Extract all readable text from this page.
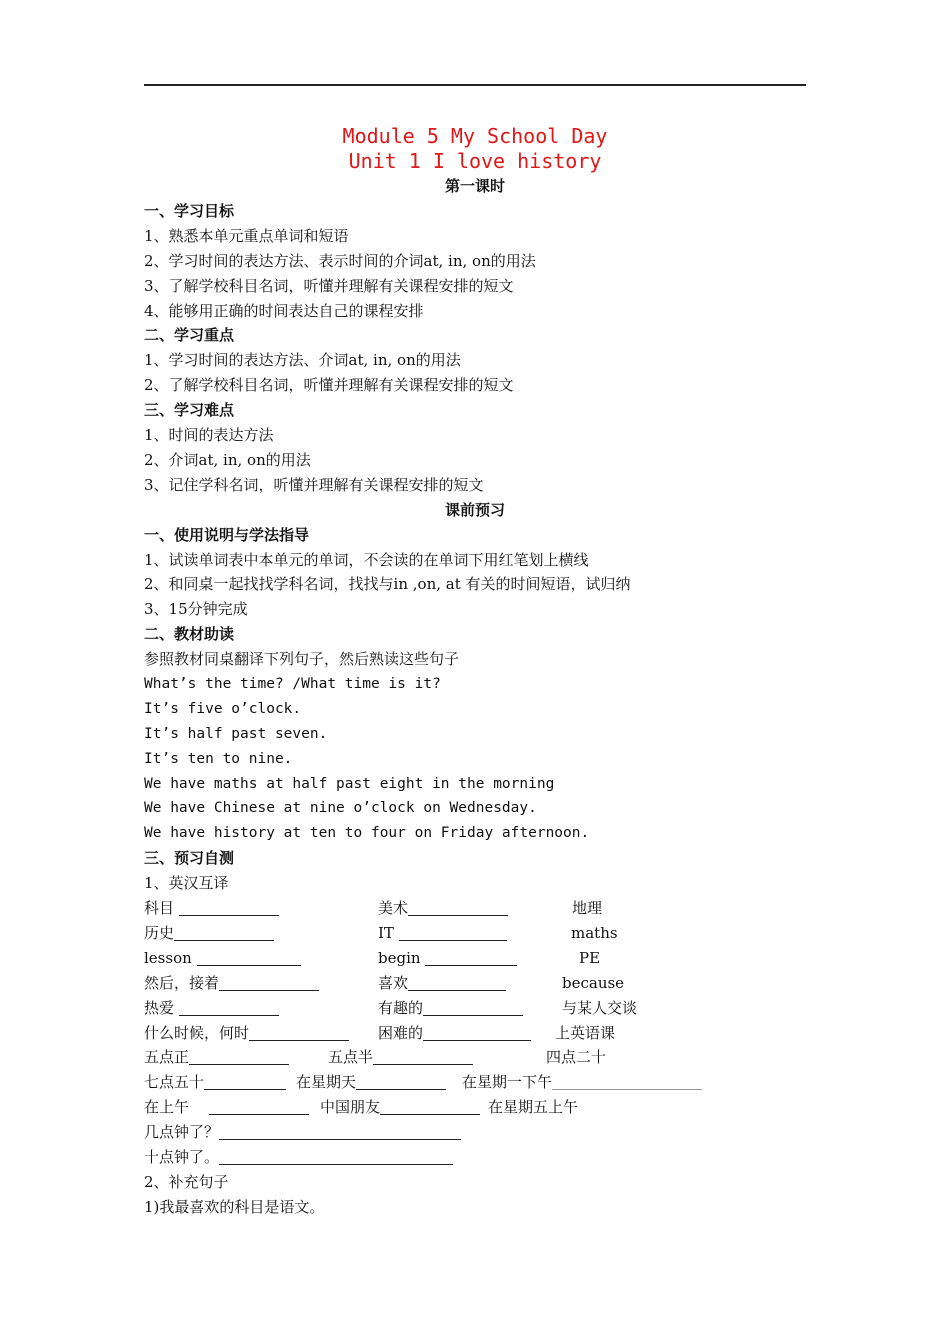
Module 5 My School Day
Unit 1 I love history
第一课时
一、学习目标
1、熟悉本单元重点单词和短语
2、学习时间的表达方法、表示时间的介词at, in, on的用法
3、了解学校科目名词，听懂并理解有关课程安排的短文
4、能够用正确的时间表达自己的课程安排
二、学习重点
1、学习时间的表达方法、介词at, in, on的用法
2、了解学校科目名词，听懂并理解有关课程安排的短文
三、学习难点
1、时间的表达方法
2、介词at, in, on的用法
3、记住学科名词，听懂并理解有关课程安排的短文
课前预习
一、使用说明与学法指导
1、试读单词表中本单元的单词，不会读的在单词下用红笔划上横线
2、和同桌一起找找学科名词，找找与in ,on, at 有关的时间短语，试归纳
3、15分钟完成
二、教材助读
参照教材同桌翻译下列句子，然后熟读这些句子
What’s the time? /What time is it?
It’s five o’clock.
It’s half past seven.
It’s ten to nine.
We have maths at half past eight in the morning
We have Chinese at nine o’clock on Wednesday.
We have history at ten to four on Friday afternoon.
三、预习自测
1、英汉互译
科目	美术	地理
历史	IT	maths
lesson	begin	PE
然后，接着	喜欢	because
热爱	有趣的	与某人交谈
什么时候，何时	困难的	上英语课
五点正	五点半	四点二十
七点五十	在星期天	在星期一下午
在上午	中国朋友	在星期五上午
几点钟了？
十点钟了。
2、补充句子
1)我最喜欢的科目是语文。
